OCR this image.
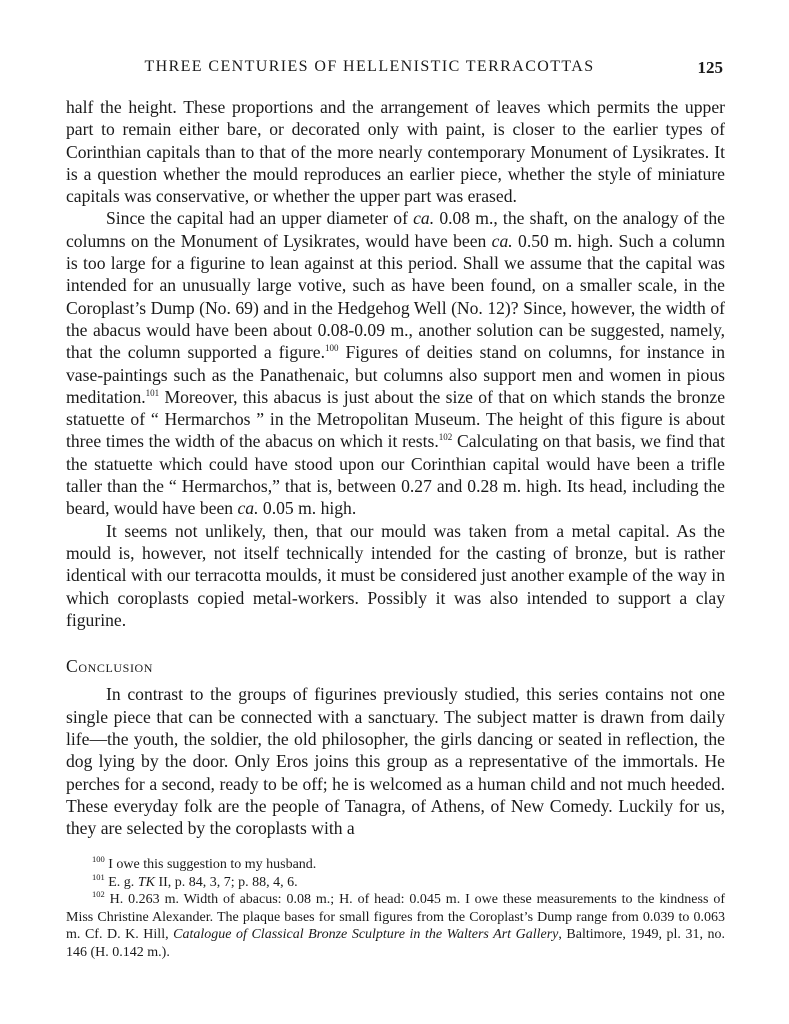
THREE CENTURIES OF HELLENISTIC TERRACOTTAS	125

half the height. These proportions and the arrangement of leaves which permits the upper part to remain either bare, or decorated only with paint, is closer to the earlier types of Corinthian capitals than to that of the more nearly contemporary Monument of Lysikrates. It is a question whether the mould reproduces an earlier piece, whether the style of miniature capitals was conservative, or whether the upper part was erased.

Since the capital had an upper diameter of ca. 0.08 m., the shaft, on the analogy of the columns on the Monument of Lysikrates, would have been ca. 0.50 m. high. Such a column is too large for a figurine to lean against at this period. Shall we assume that the capital was intended for an unusually large votive, such as have been found, on a smaller scale, in the Coroplast’s Dump (No. 69) and in the Hedgehog Well (No. 12)? Since, however, the width of the abacus would have been about 0.08-0.09 m., another solution can be suggested, namely, that the column supported a figure.$^{100}$ Figures of deities stand on columns, for instance in vase-paintings such as the Panathenaic, but columns also support men and women in pious meditation.$^{101}$ Moreover, this abacus is just about the size of that on which stands the bronze statuette of “ Hermarchos ” in the Metropolitan Museum. The height of this figure is about three times the width of the abacus on which it rests.$^{102}$ Calculating on that basis, we find that the statuette which could have stood upon our Corinthian capital would have been a trifle taller than the “ Hermarchos,” that is, between 0.27 and 0.28 m. high. Its head, including the beard, would have been ca. 0.05 m. high.

It seems not unlikely, then, that our mould was taken from a metal capital. As the mould is, however, not itself technically intended for the casting of bronze, but is rather identical with our terracotta moulds, it must be considered just another example of the way in which coroplasts copied metal-workers. Possibly it was also intended to support a clay figurine.

Conclusion

In contrast to the groups of figurines previously studied, this series contains not one single piece that can be connected with a sanctuary. The subject matter is drawn from daily life—the youth, the soldier, the old philosopher, the girls dancing or seated in reflection, the dog lying by the door. Only Eros joins this group as a representative of the immortals. He perches for a second, ready to be off; he is welcomed as a human child and not much heeded. These everyday folk are the people of Tanagra, of Athens, of New Comedy. Luckily for us, they are selected by the coroplasts with a

$^{100}$ I owe this suggestion to my husband.

$^{101}$ E. g. TK II, p. 84, 3, 7; p. 88, 4, 6.

$^{102}$ H. 0.263 m. Width of abacus: 0.08 m.; H. of head: 0.045 m. I owe these measurements to the kindness of Miss Christine Alexander. The plaque bases for small figures from the Coroplast’s Dump range from 0.039 to 0.063 m. Cf. D. K. Hill, Catalogue of Classical Bronze Sculpture in the Walters Art Gallery, Baltimore, 1949, pl. 31, no. 146 (H. 0.142 m.).
